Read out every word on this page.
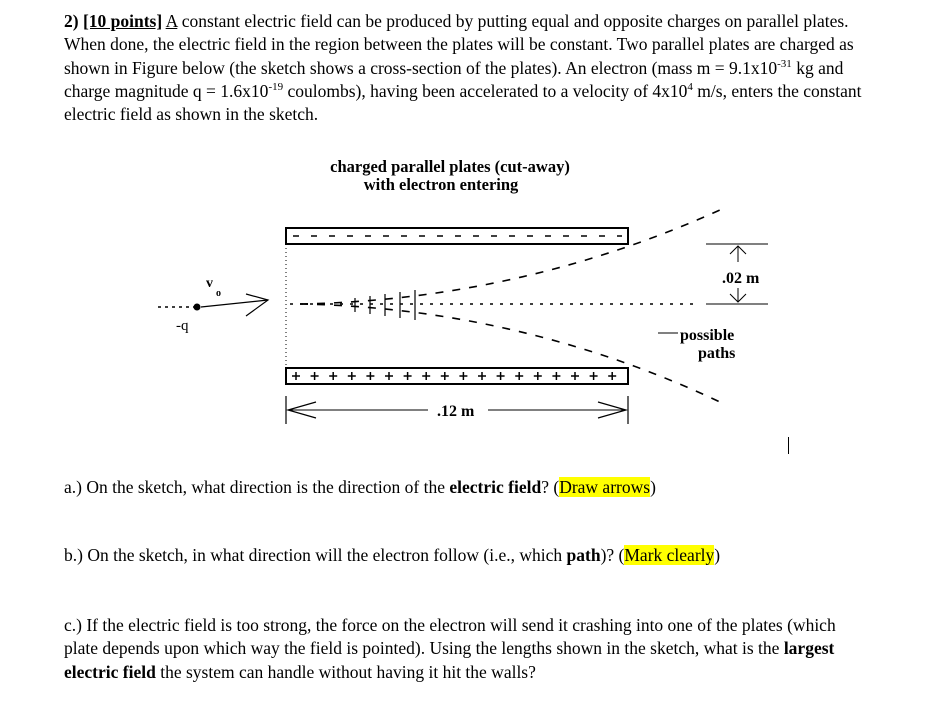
2) [10 points] A constant electric field can be produced by putting equal and opposite charges on parallel plates. When done, the electric field in the region between the plates will be constant. Two parallel plates are charged as shown in Figure below (the sketch shows a cross-section of the plates). An electron (mass $m = 9.1x10^{-31}$ kg and charge magnitude $q = 1.6x10^{-19}$ coulombs), having been accelerated to a velocity of $4x10^4$ m/s, enters the constant electric field as shown in the sketch.
charged parallel plates (cut-away)
with electron entering
-q
v
o
.02 m
possible
paths
.12 m
a.) On the sketch, what direction is the direction of the electric field? (Draw arrows)
b.) On the sketch, in what direction will the electron follow (i.e., which path)? (Mark clearly)
c.) If the electric field is too strong, the force on the electron will send it crashing into one of the plates (which plate depends upon which way the field is pointed). Using the lengths shown in the sketch, what is the largest electric field the system can handle without having it hit the walls?
